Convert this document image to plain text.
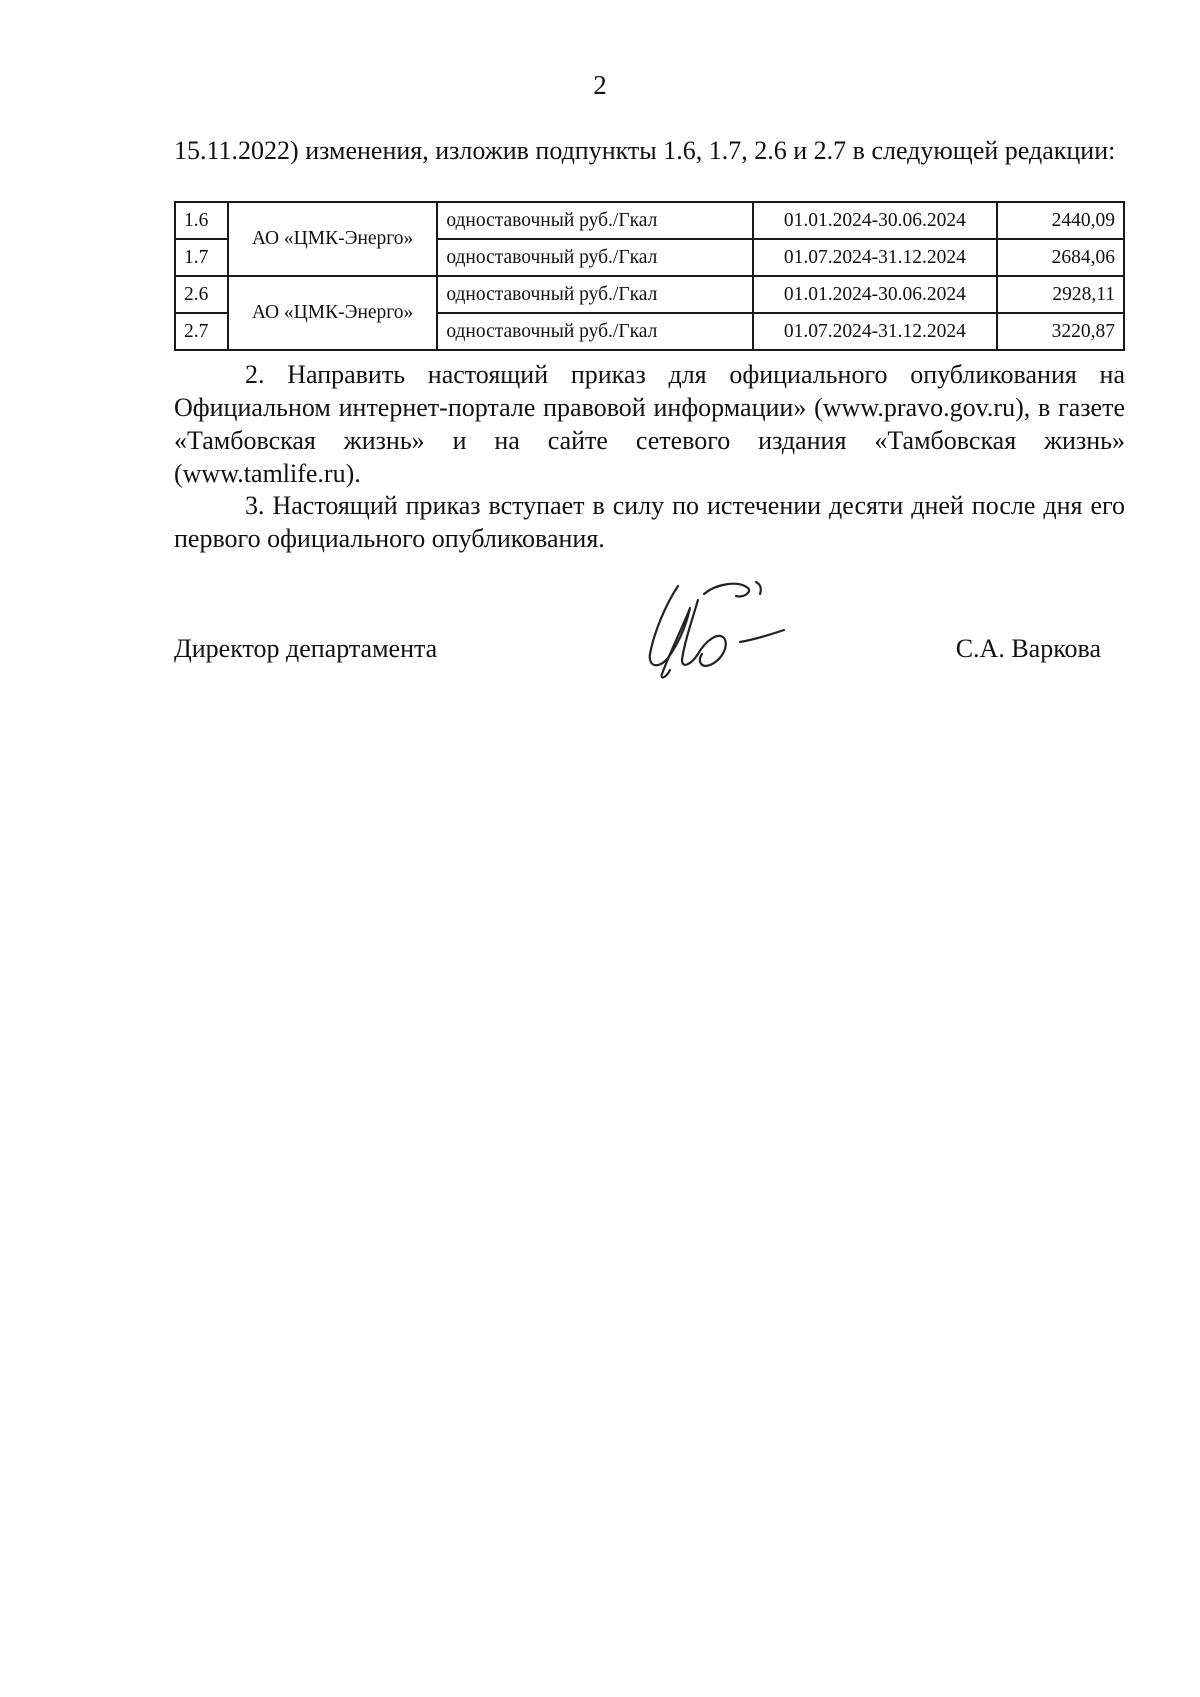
2
15.11.2022) изменения, изложив подпункты 1.6, 1.7, 2.6 и 2.7 в следующей редакции:
1.6	АО «ЦМК-Энерго»	одноставочный руб./Гкал	01.01.2024-30.06.2024	2440,09
1.7		одноставочный руб./Гкал	01.07.2024-31.12.2024	2684,06
2.6	АО «ЦМК-Энерго»	одноставочный руб./Гкал	01.01.2024-30.06.2024	2928,11
2.7		одноставочный руб./Гкал	01.07.2024-31.12.2024	3220,87
2. Направить настоящий приказ для официального опубликования на Официальном интернет-портале правовой информации» (www.pravo.gov.ru), в газете «Тамбовская жизнь» и на сайте сетевого издания «Тамбовская жизнь» (www.tamlife.ru).
3. Настоящий приказ вступает в силу по истечении десяти дней после дня его первого официального опубликования.
Директор департамента	С.А. Варкова
